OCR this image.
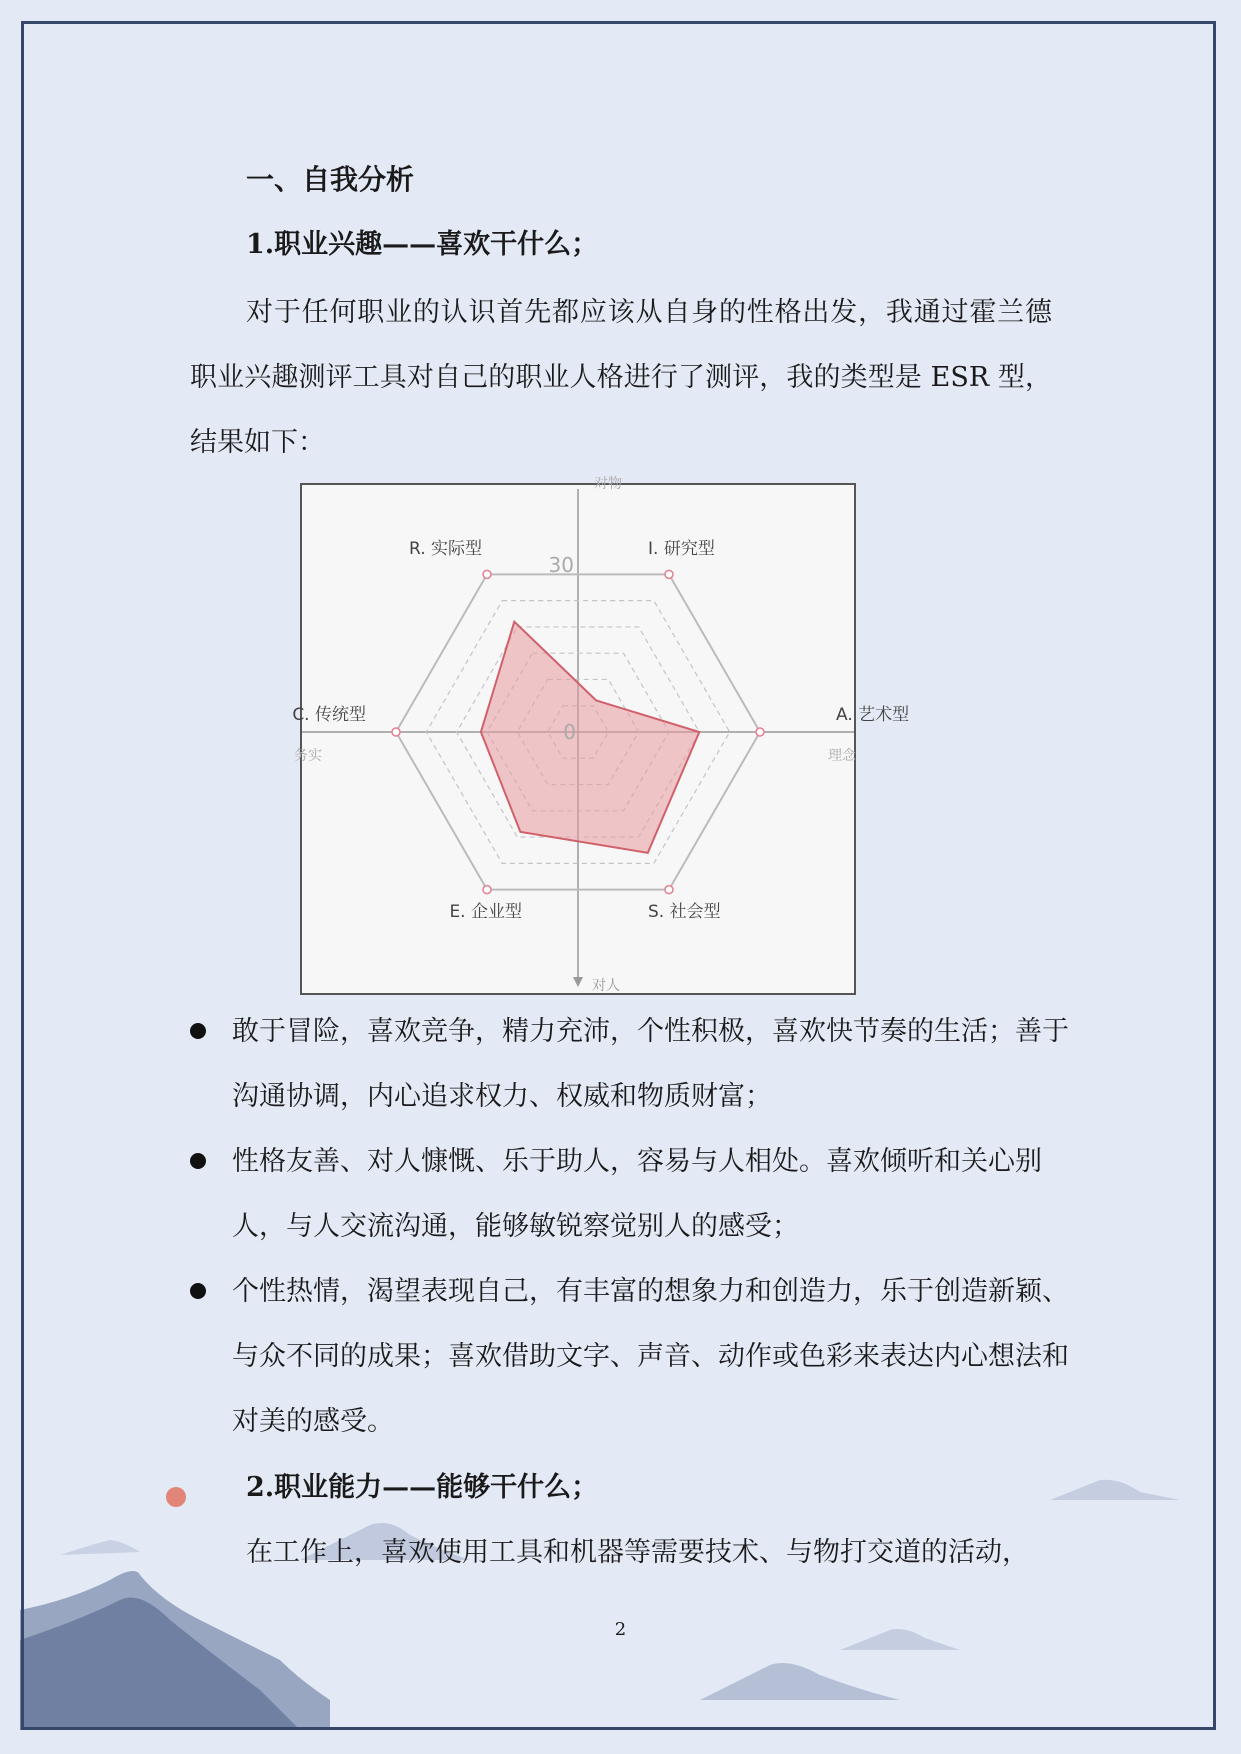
一、自我分析
1.职业兴趣——喜欢干什么；

对于任何职业的认识首先都应该从自身的性格出发，我通过霍兰德职业兴趣测评工具对自己的职业人格进行了测评，我的类型是 ESR 型，结果如下：

30
0
R. 实际型	I. 研究型
A. 艺术型
S. 社会型
E. 企业型
C. 传统型
对物
对人
务实	理念
敢于冒险，喜欢竞争，精力充沛，个性积极，喜欢快节奏的生活；善于沟通协调，内心追求权力、权威和物质财富；
性格友善、对人慷慨、乐于助人，容易与人相处。喜欢倾听和关心别人，与人交流沟通，能够敏锐察觉别人的感受；
个性热情，渴望表现自己，有丰富的想象力和创造力，乐于创造新颖、与众不同的成果；喜欢借助文字、声音、动作或色彩来表达内心想法和对美的感受。
2.职业能力——能够干什么；

在工作上，喜欢使用工具和机器等需要技术、与物打交道的活动，

2
